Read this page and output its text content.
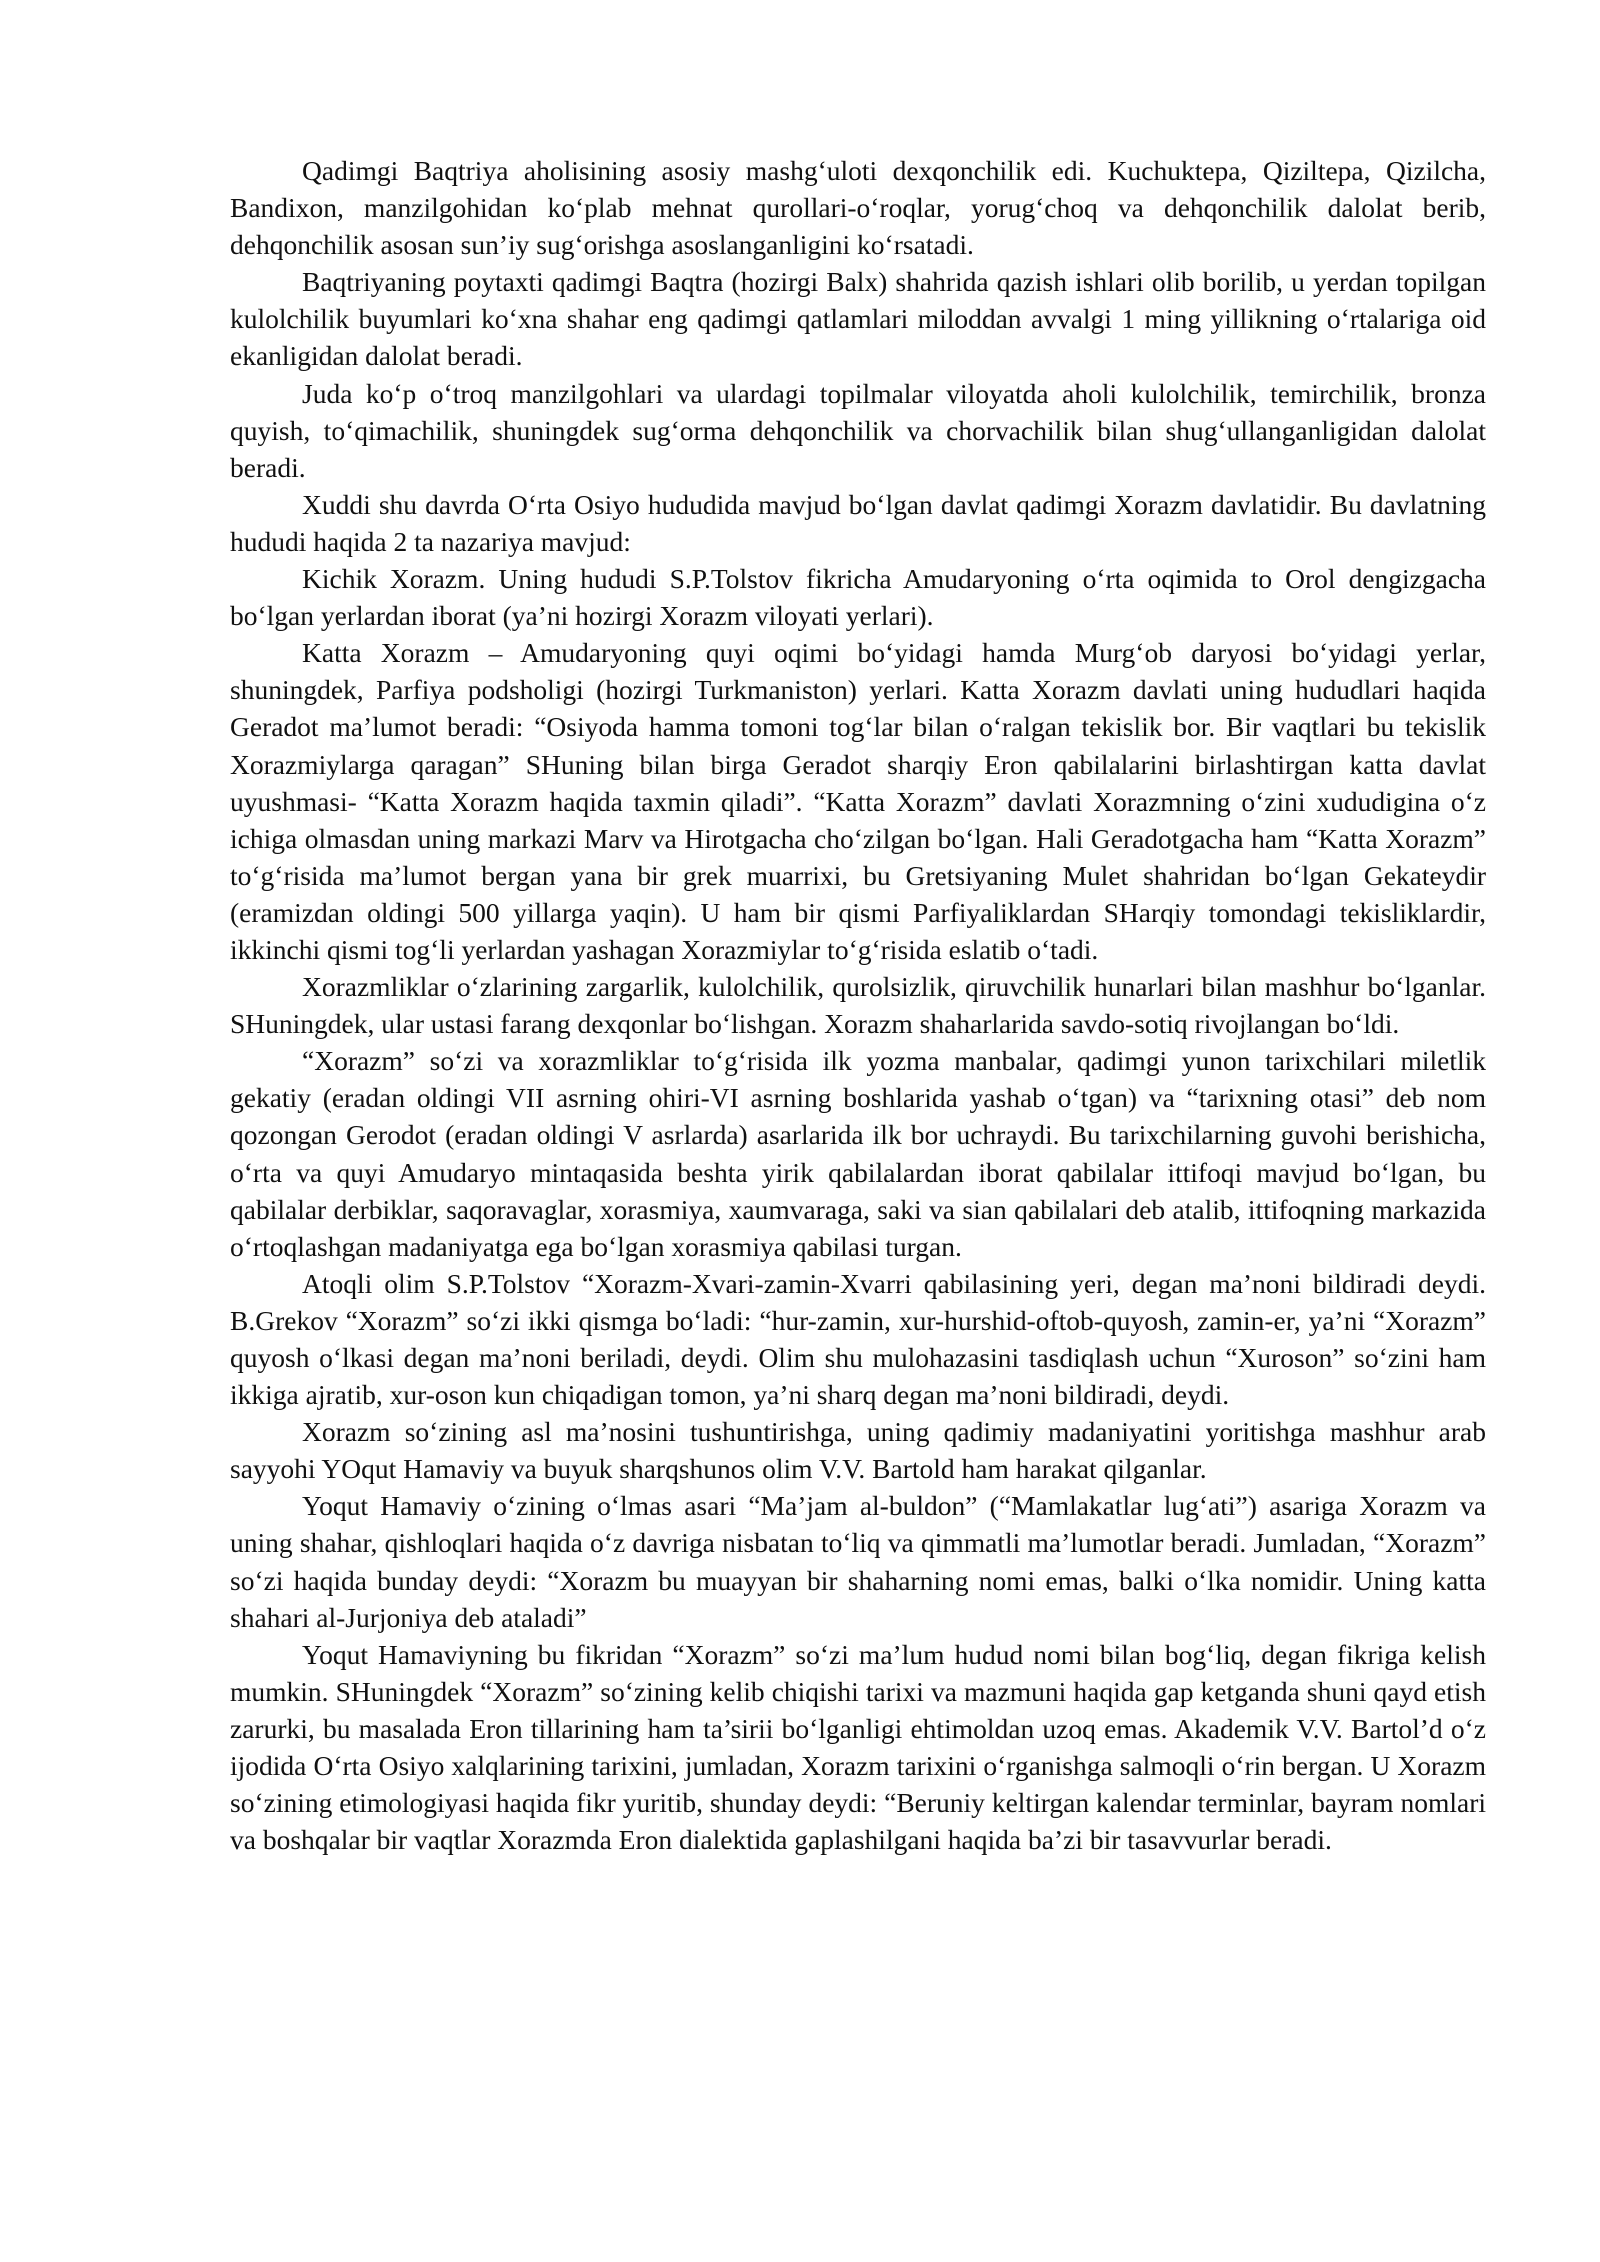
Qadimgi Baqtriya aholisining asosiy mashg‘uloti dexqonchilik edi. Kuchuktepa, Qiziltepa, Qizilcha, Bandixon, manzilgohidan ko‘plab mehnat qurollari-o‘roqlar, yorug‘choq va dehqonchilik dalolat berib, dehqonchilik asosan sun’iy sug‘orishga asoslanganligini ko‘rsatadi.

Baqtriyaning poytaxti qadimgi Baqtra (hozirgi Balx) shahrida qazish ishlari olib borilib, u yerdan topilgan kulolchilik buyumlari ko‘xna shahar eng qadimgi qatlamlari miloddan avvalgi 1 ming yillikning o‘rtalariga oid ekanligidan dalolat beradi.

Juda ko‘p o‘troq manzilgohlari va ulardagi topilmalar viloyatda aholi kulolchilik, temirchilik, bronza quyish, to‘qimachilik, shuningdek sug‘orma dehqonchilik va chorvachilik bilan shug‘ullanganligidan dalolat beradi.

Xuddi shu davrda O‘rta Osiyo hududida mavjud bo‘lgan davlat qadimgi Xorazm davlatidir. Bu davlatning hududi haqida 2 ta nazariya mavjud:

Kichik Xorazm. Uning hududi S.P.Tolstov fikricha Amudaryoning o‘rta oqimida to Orol dengizgacha bo‘lgan yerlardan iborat (ya’ni hozirgi Xorazm viloyati yerlari).

Katta Xorazm – Amudaryoning quyi oqimi bo‘yidagi hamda Murg‘ob daryosi bo‘yidagi yerlar, shuningdek, Parfiya podsholigi (hozirgi Turkmaniston) yerlari. Katta Xorazm davlati uning hududlari haqida Geradot ma’lumot beradi: “Osiyoda hamma tomoni tog‘lar bilan o‘ralgan tekislik bor. Bir vaqtlari bu tekislik Xorazmiylarga qaragan” SHuning bilan birga Geradot sharqiy Eron qabilalarini birlashtirgan katta davlat uyushmasi- “Katta Xorazm haqida taxmin qiladi”. “Katta Xorazm” davlati Xorazmning o‘zini xududigina o‘z ichiga olmasdan uning markazi Marv va Hirotgacha cho‘zilgan bo‘lgan. Hali Geradotgacha ham “Katta Xorazm” to‘g‘risida ma’lumot bergan yana bir grek muarrixi, bu Gretsiyaning Mulet shahridan bo‘lgan Gekateydir (eramizdan oldingi 500 yillarga yaqin). U ham bir qismi Parfiyaliklardan SHarqiy tomondagi tekisliklardir, ikkinchi qismi tog‘li yerlardan yashagan Xorazmiylar to‘g‘risida eslatib o‘tadi.

Xorazmliklar o‘zlarining zargarlik, kulolchilik, qurolsizlik, qiruvchilik hunarlari bilan mashhur bo‘lganlar. SHuningdek, ular ustasi farang dexqonlar bo‘lishgan. Xorazm shaharlarida savdo-sotiq rivojlangan bo‘ldi.

“Xorazm” so‘zi va xorazmliklar to‘g‘risida ilk yozma manbalar, qadimgi yunon tarixchilari miletlik gekatiy (eradan oldingi VII asrning ohiri-VI asrning boshlarida yashab o‘tgan) va “tarixning otasi” deb nom qozongan Gerodot (eradan oldingi V asrlarda) asarlarida ilk bor uchraydi. Bu tarixchilarning guvohi berishicha, o‘rta va quyi Amudaryo mintaqasida beshta yirik qabilalardan iborat qabilalar ittifoqi mavjud bo‘lgan, bu qabilalar derbiklar, saqoravaglar, xorasmiya, xaumvaraga, saki va sian qabilalari deb atalib, ittifoqning markazida o‘rtoqlashgan madaniyatga ega bo‘lgan xorasmiya qabilasi turgan.

Atoqli olim S.P.Tolstov “Xorazm-Xvari-zamin-Xvarri qabilasining yeri, degan ma’noni bildiradi deydi. B.Grekov “Xorazm” so‘zi ikki qismga bo‘ladi: “hur-zamin, xur-hurshid-oftob-quyosh, zamin-er, ya’ni “Xorazm” quyosh o‘lkasi degan ma’noni beriladi, deydi. Olim shu mulohazasini tasdiqlash uchun “Xuroson” so‘zini ham ikkiga ajratib, xur-oson kun chiqadigan tomon, ya’ni sharq degan ma’noni bildiradi, deydi.

Xorazm so‘zining asl ma’nosini tushuntirishga, uning qadimiy madaniyatini yoritishga mashhur arab sayyohi YOqut Hamaviy va buyuk sharqshunos olim V.V. Bartold ham harakat qilganlar.

Yoqut Hamaviy o‘zining o‘lmas asari “Ma’jam al-buldon” (“Mamlakatlar lug‘ati”) asariga Xorazm va uning shahar, qishloqlari haqida o‘z davriga nisbatan to‘liq va qimmatli ma’lumotlar beradi. Jumladan, “Xorazm” so‘zi haqida bunday deydi: “Xorazm bu muayyan bir shaharning nomi emas, balki o‘lka nomidir. Uning katta shahari al-Jurjoniya deb ataladi”

Yoqut Hamaviyning bu fikridan “Xorazm” so‘zi ma’lum hudud nomi bilan bog‘liq, degan fikriga kelish mumkin. SHuningdek “Xorazm” so‘zining kelib chiqishi tarixi va mazmuni haqida gap ketganda shuni qayd etish zarurki, bu masalada Eron tillarining ham ta’sirii bo‘lganligi ehtimoldan uzoq emas. Akademik V.V. Bartol’d o‘z ijodida O‘rta Osiyo xalqlarining tarixini, jumladan, Xorazm tarixini o‘rganishga salmoqli o‘rin bergan. U Xorazm so‘zining etimologiyasi haqida fikr yuritib, shunday deydi: “Beruniy keltirgan kalendar terminlar, bayram nomlari va boshqalar bir vaqtlar Xorazmda Eron dialektida gaplashilgani haqida ba’zi bir tasavvurlar beradi.
